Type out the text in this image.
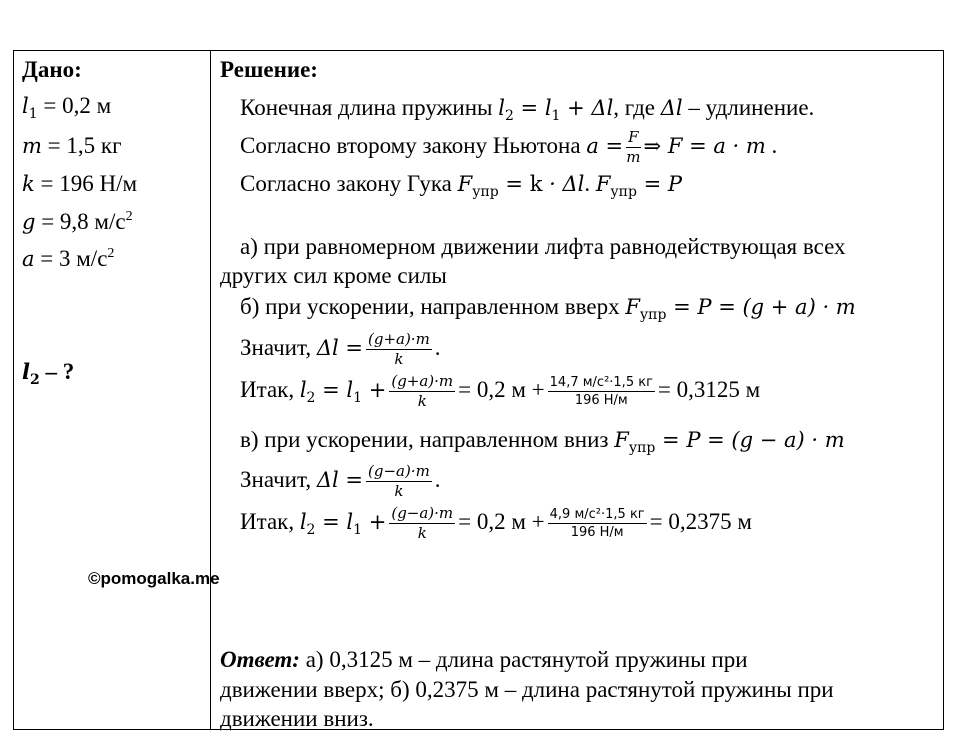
Дано:
$l_1 = 0,2$ м
m = 1,5 кг
k = 196 Н/м
g = 9,8 $м/с^2$
a = 3 $м/с^2$
$l_2$ – ?
Решение:
Конечная длина пружины $l_2 = l_1 + \Delta l$, где Δl – удлинение.
Согласно второму закону Ньютона $a = \frac{F}{m}$ ⇒ F = a · m .
Согласно закону Гука $F_{упр} = k \cdot \Delta l$. $F_{упр} = P$
а) при равномерном движении лифта равнодействующая всех
других сил кроме силы
б) при ускорении, направленном вверх $F_{упр} = P = (g + a) \cdot m$
Значит, $\Delta l = \frac{(g+a)\cdot m}{k}$ .
Итак, $l_2 = l_1 + \frac{(g+a)\cdot m}{k} = 0,2$ $м + \frac{\text{14,7 м/с²·1,5 кг}}{196 Н/м} = 0,3125$ м
в) при ускорении, направленном вниз $F_{упр} = P = (g - a) \cdot m$
Значит, $\Delta l = \frac{(g-a)\cdot m}{k}$ .
Итак, $l_2 = l_1 + \frac{(g-a)\cdot m}{k} = 0,2$ $м + \frac{\text{4,9 м/с²·1,5 кг}}{196 Н/м} = 0,2375$ м
©pomogalka.me
Ответ: а) 0,3125 м – длина растянутой пружины при
движении вверх; б) 0,2375 м – длина растянутой пружины при
движении вниз.
